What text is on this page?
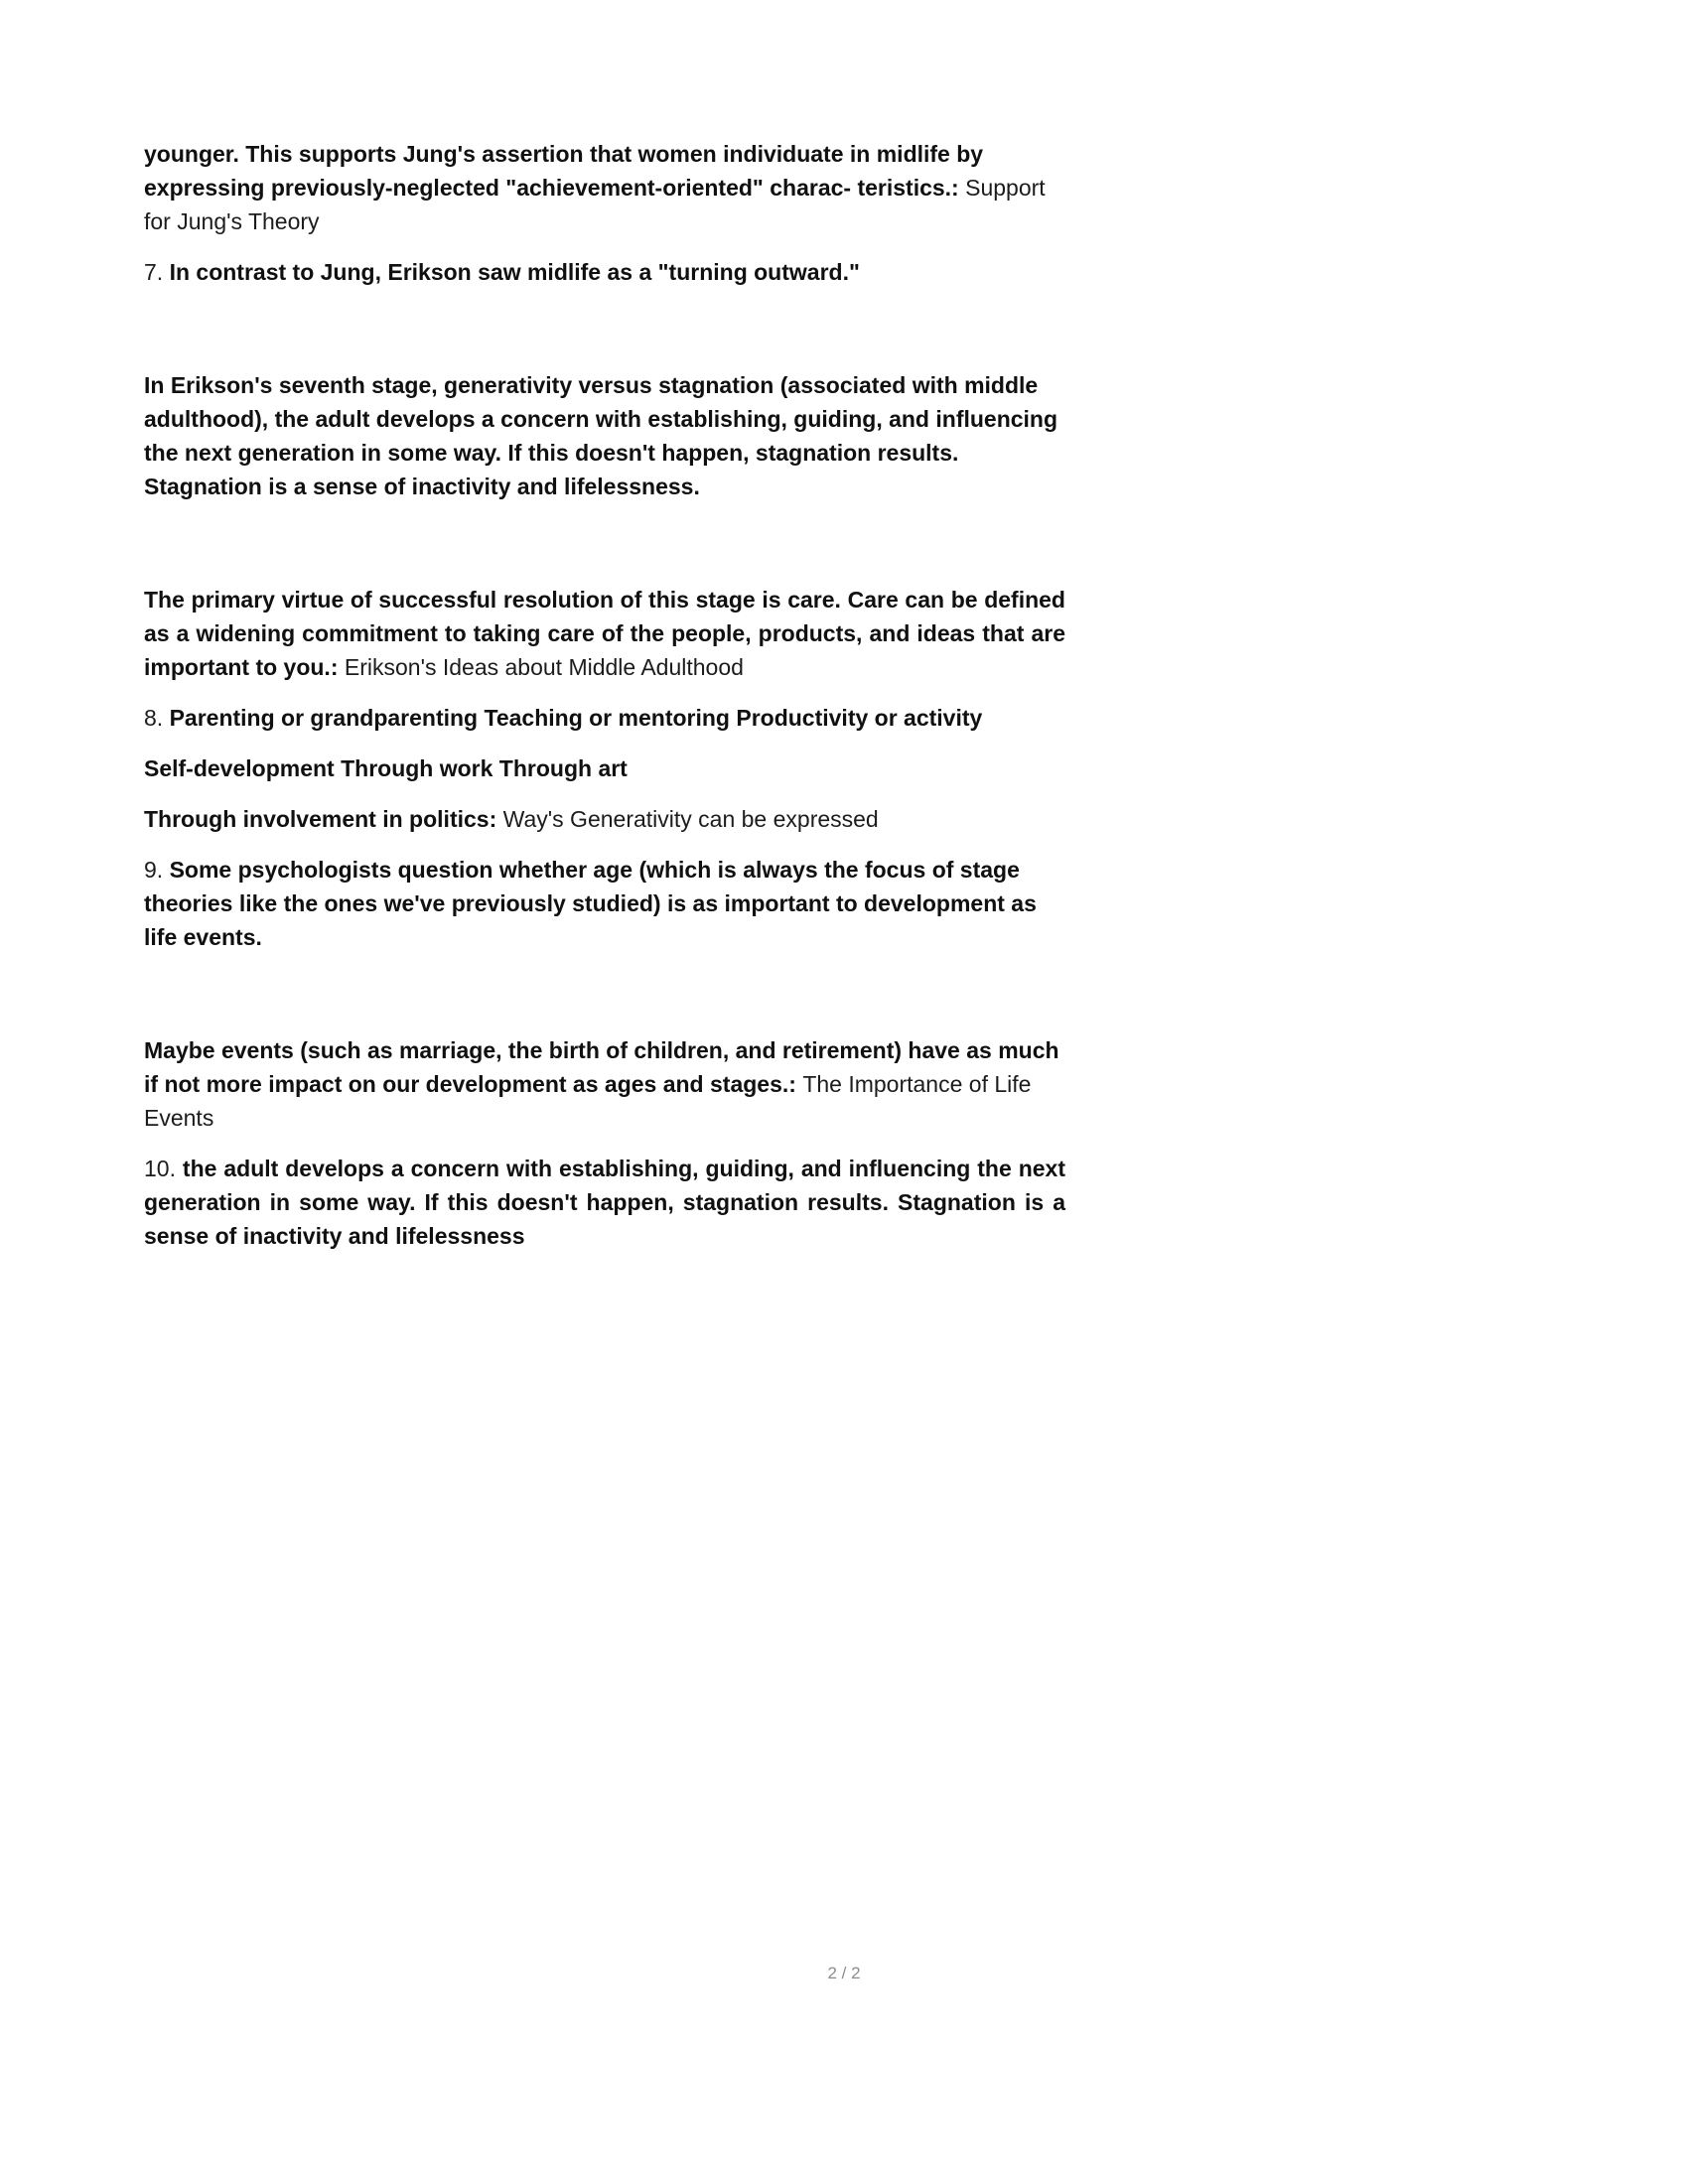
younger. This supports Jung's assertion that women individuate in midlife by expressing previously-neglected "achievement-oriented" charac- teristics.: Support for Jung's Theory

7. In contrast to Jung, Erikson saw midlife as a "turning outward."

In Erikson's seventh stage, generativity versus stagnation (associated with middle adulthood), the adult develops a concern with establishing, guiding, and influencing the next generation in some way. If this doesn't happen, stagnation results. Stagnation is a sense of inactivity and lifelessness.

The primary virtue of successful resolution of this stage is care. Care can be defined as a widening commitment to taking care of the people, products, and ideas that are important to you.: Erikson's Ideas about Middle Adulthood

8. Parenting or grandparenting Teaching or mentoring Productivity or activity

Self-development Through work Through art

Through involvement in politics: Way's Generativity can be expressed

9. Some psychologists question whether age (which is always the focus of stage theories like the ones we've previously studied) is as important to development as life events.

Maybe events (such as marriage, the birth of children, and retirement) have as much if not more impact on our development as ages and stages.: The Importance of Life Events

10. the adult develops a concern with establishing, guiding, and influencing the next generation in some way. If this doesn't happen, stagnation results. Stagnation is a sense of inactivity and lifelessness

2 / 2
